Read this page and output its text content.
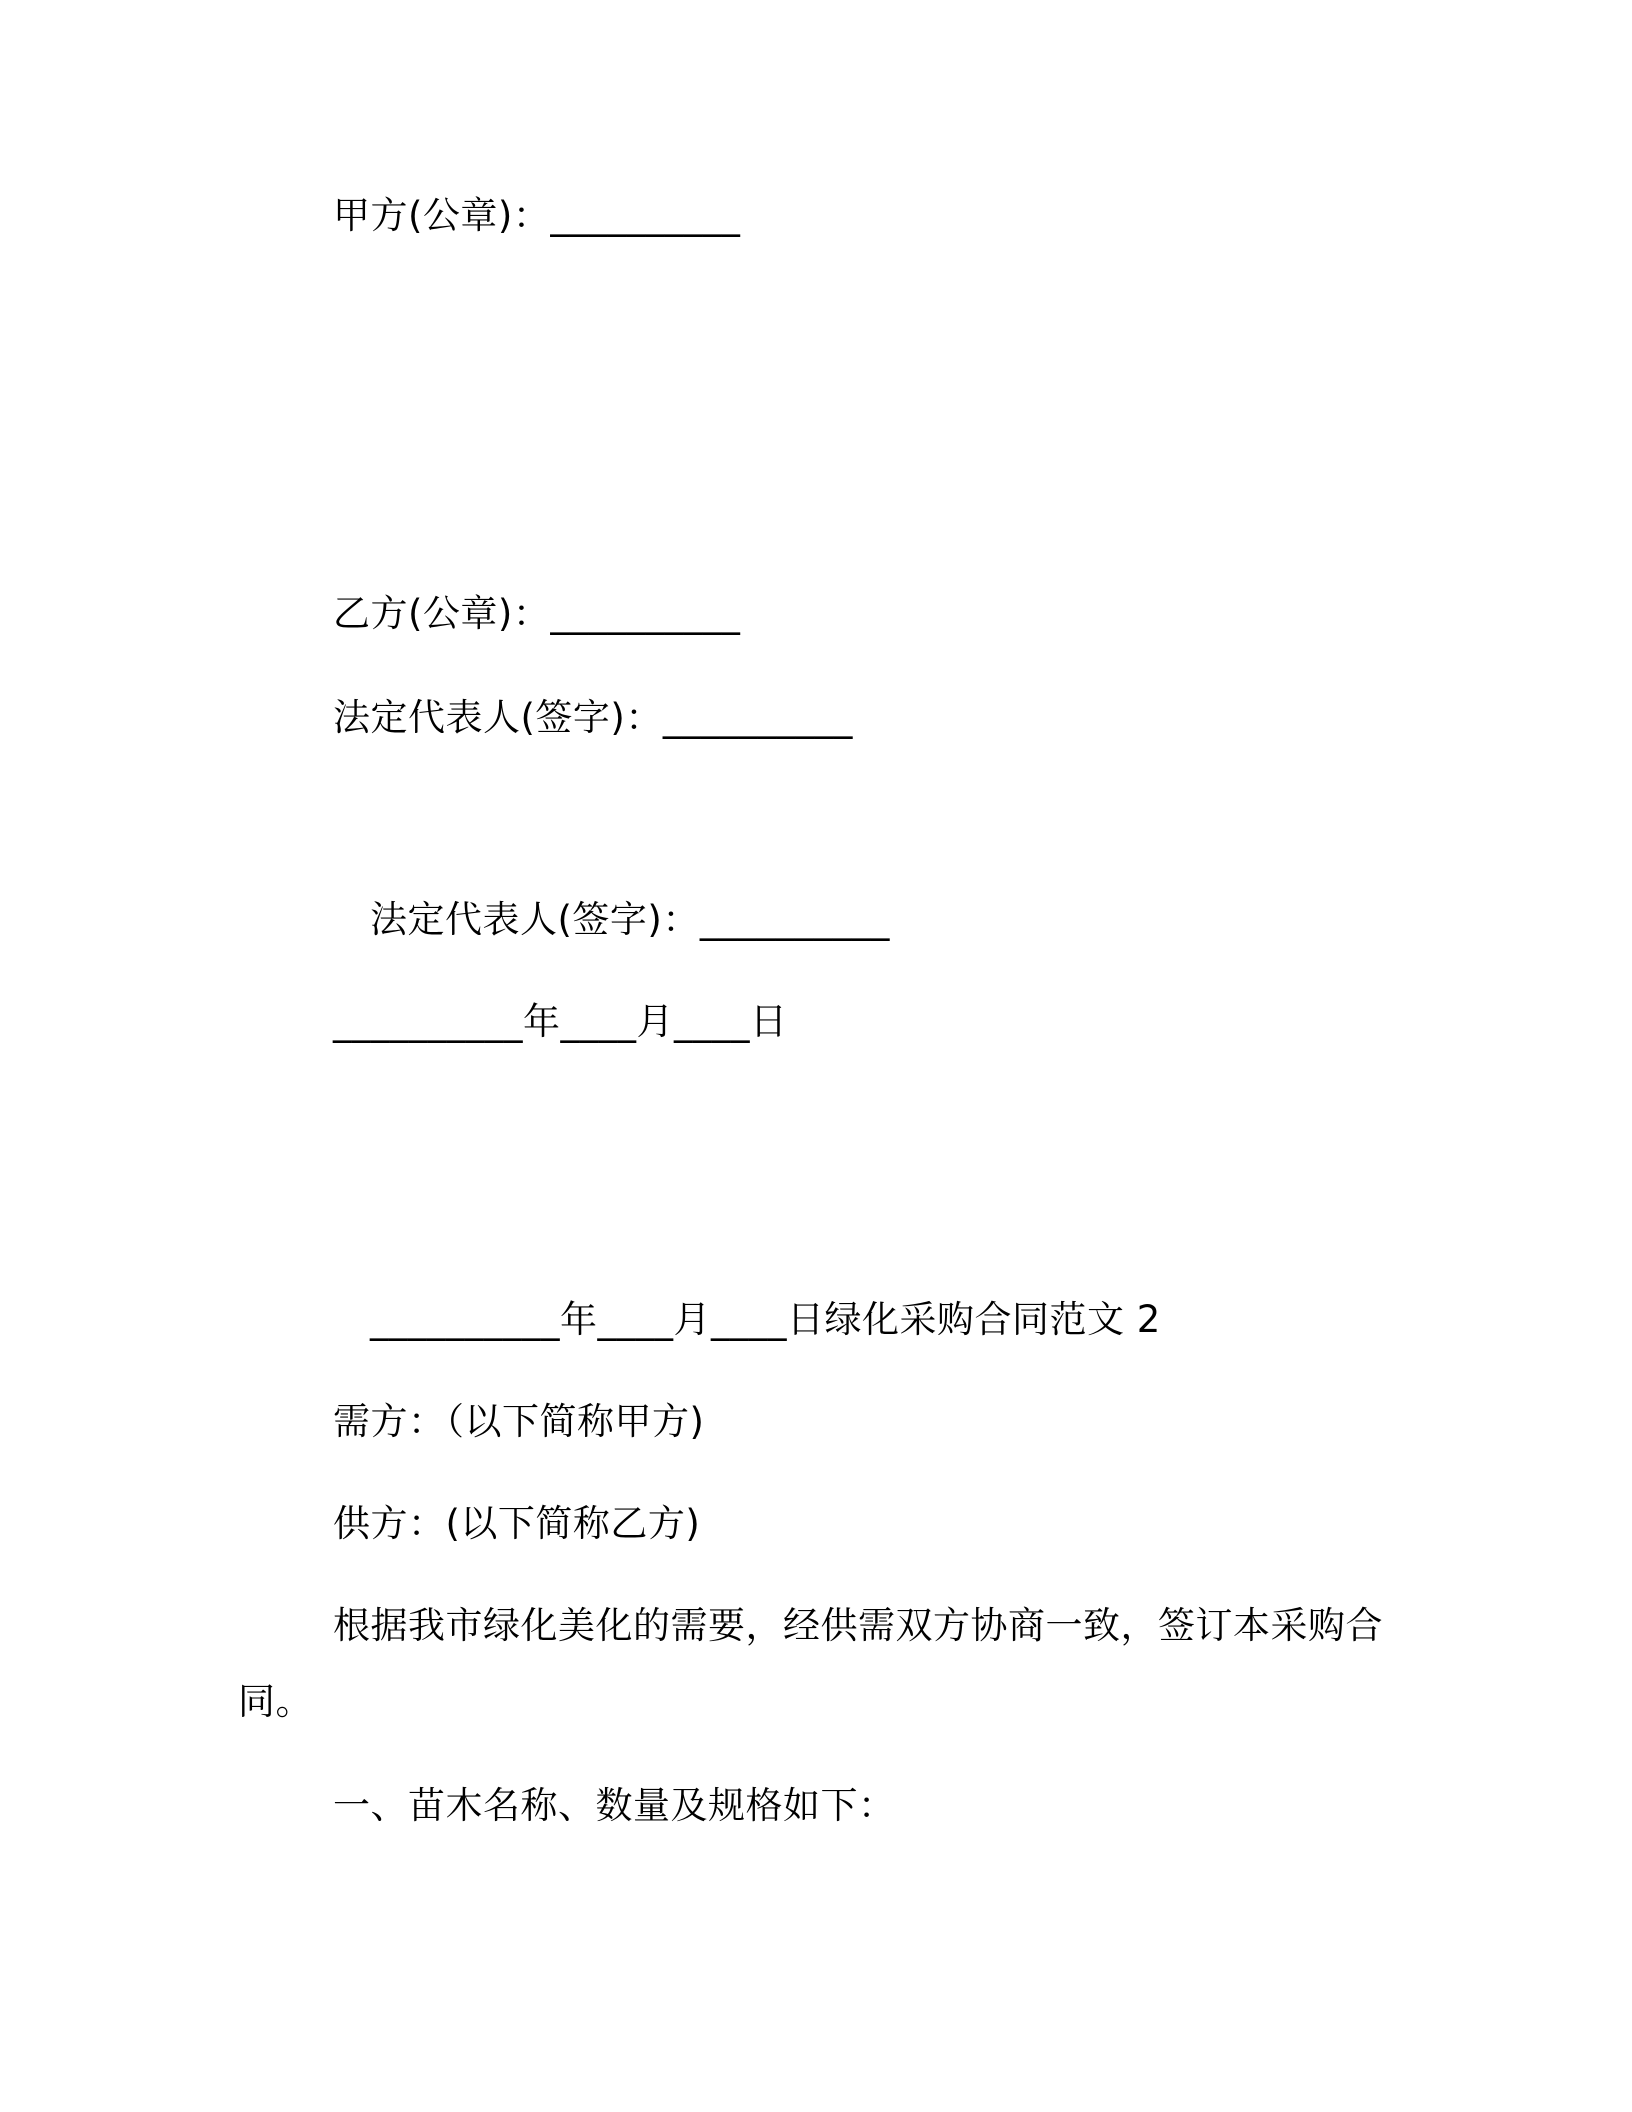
甲方(公章)：__________
乙方(公章)：__________
法定代表人(签字)：__________
法定代表人(签字)：__________
__________年____月____日
__________年____月____日绿化采购合同范文 2
需方：（以下简称甲方)
供方：(以下简称乙方)
根据我市绿化美化的需要，经供需双方协商一致，签订本采购合
同。
一、苗木名称、数量及规格如下：
